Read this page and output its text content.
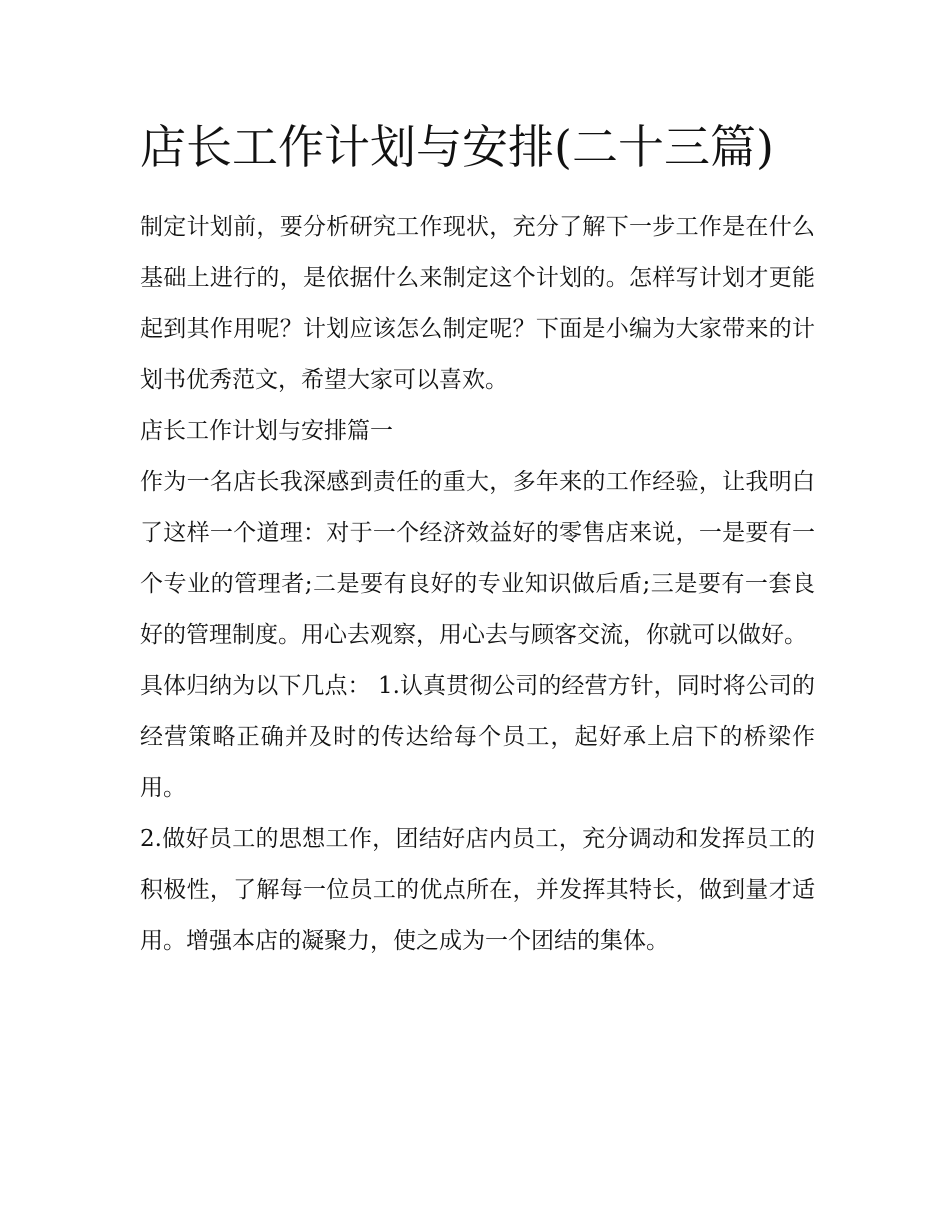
店长工作计划与安排(二十三篇)

制定计划前，要分析研究工作现状，充分了解下一步工作是在什么基础上进行的，是依据什么来制定这个计划的。怎样写计划才更能起到其作用呢？计划应该怎么制定呢？下面是小编为大家带来的计划书优秀范文，希望大家可以喜欢。

店长工作计划与安排篇一

作为一名店长我深感到责任的重大，多年来的工作经验，让我明白了这样一个道理：对于一个经济效益好的零售店来说，一是要有一个专业的管理者;二是要有良好的专业知识做后盾;三是要有一套良好的管理制度。用心去观察，用心去与顾客交流，你就可以做好。

具体归纳为以下几点： 1.认真贯彻公司的经营方针，同时将公司的经营策略正确并及时的传达给每个员工，起好承上启下的桥梁作用。

2.做好员工的思想工作，团结好店内员工，充分调动和发挥员工的积极性，了解每一位员工的优点所在，并发挥其特长，做到量才适用。增强本店的凝聚力，使之成为一个团结的集体。
